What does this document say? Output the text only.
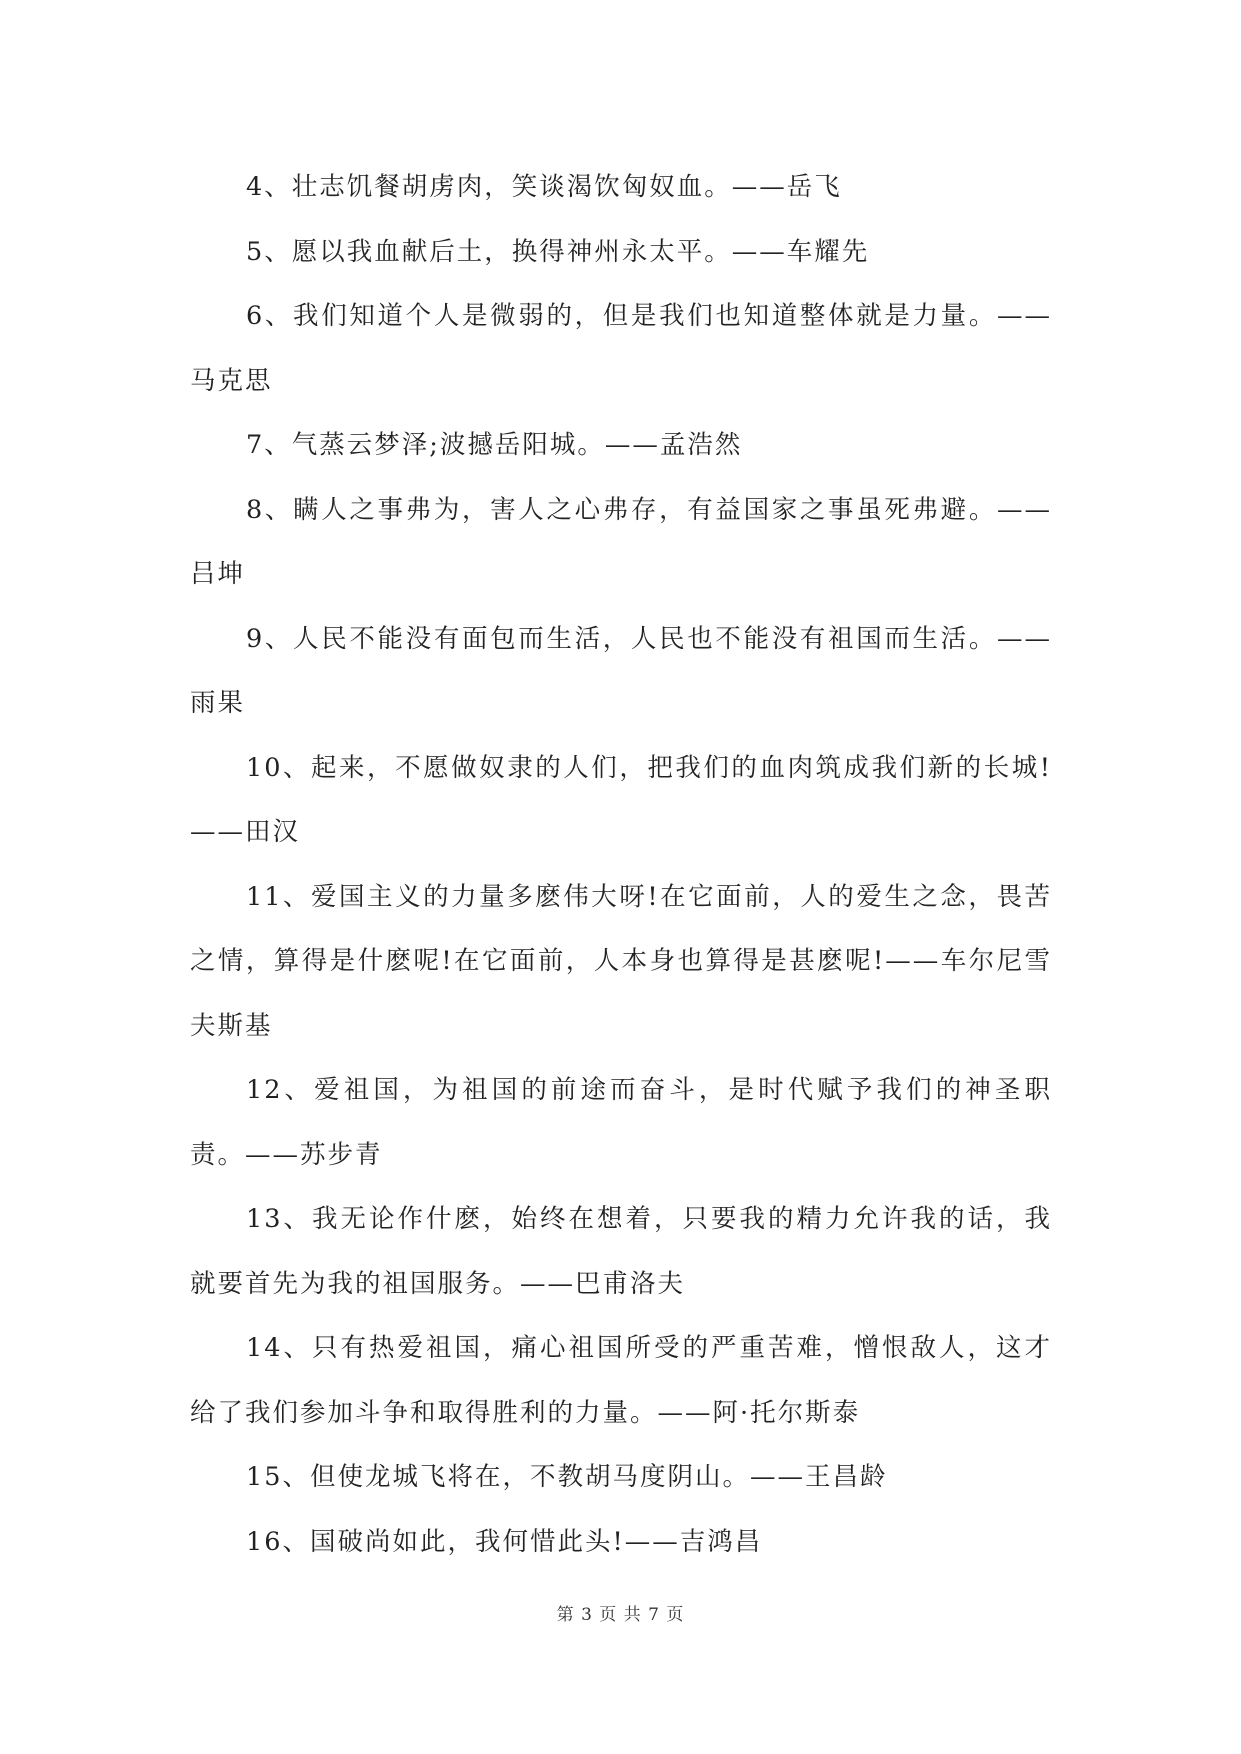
4、壮志饥餐胡虏肉，笑谈渴饮匈奴血。——岳飞

5、愿以我血献后土，换得神州永太平。——车耀先

6、我们知道个人是微弱的，但是我们也知道整体就是力量。——马克思

7、气蒸云梦泽;波撼岳阳城。——孟浩然

8、瞒人之事弗为，害人之心弗存，有益国家之事虽死弗避。——吕坤

9、人民不能没有面包而生活，人民也不能没有祖国而生活。——雨果

10、起来，不愿做奴隶的人们，把我们的血肉筑成我们新的长城!——田汉

11、爱国主义的力量多麽伟大呀!在它面前，人的爱生之念，畏苦之情，算得是什麽呢!在它面前，人本身也算得是甚麽呢!——车尔尼雪夫斯基

12、爱祖国，为祖国的前途而奋斗，是时代赋予我们的神圣职责。——苏步青

13、我无论作什麽，始终在想着，只要我的精力允许我的话，我就要首先为我的祖国服务。——巴甫洛夫

14、只有热爱祖国，痛心祖国所受的严重苦难，憎恨敌人，这才给了我们参加斗争和取得胜利的力量。——阿·托尔斯泰

15、但使龙城飞将在，不教胡马度阴山。——王昌龄

16、国破尚如此，我何惜此头!——吉鸿昌

第 3 页 共 7 页
